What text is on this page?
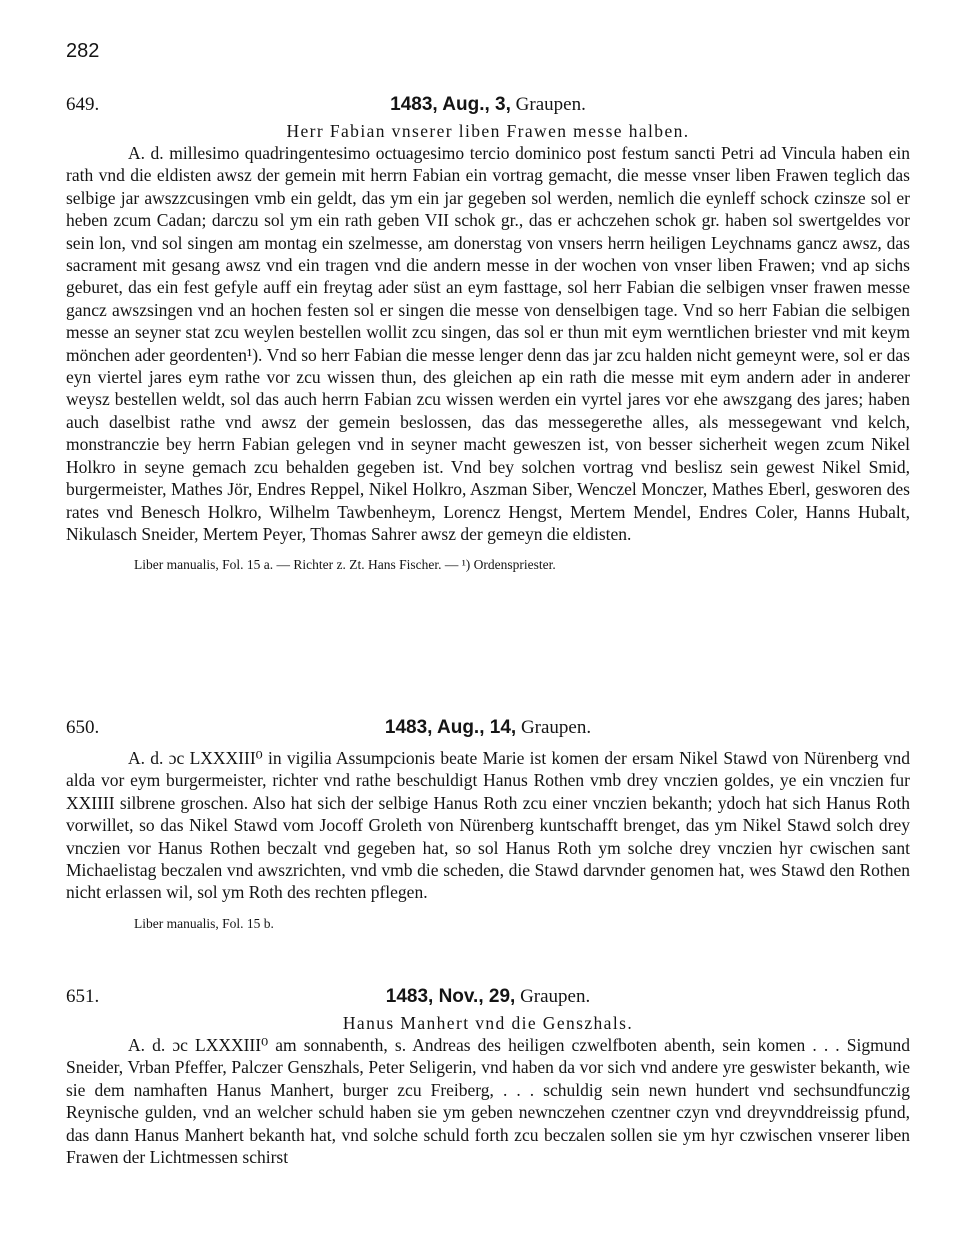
282
649.	1483, Aug., 3, Graupen.
Herr Fabian vnserer liben Frawen messe halben.

A. d. millesimo quadringentesimo octuagesimo tercio dominico post festum sancti Petri ad Vincula haben ein rath vnd die eldisten awsz der gemein mit herrn Fabian ein vortrag gemacht, die messe vnser liben Frawen teglich das selbige jar awszzcusingen vmb ein geldt, das ym ein jar gegeben sol werden, nemlich die eynleff schock czinsze sol er heben zcum Cadan; darczu sol ym ein rath geben VII schok gr., das er achczehen schok gr. haben sol swertgeldes vor sein lon, vnd sol singen am montag ein szelmesse, am donerstag von vnsers herrn heiligen Leychnams gancz awsz, das sacrament mit gesang awsz vnd ein tragen vnd die andern messe in der wochen von vnser liben Frawen; vnd ap sichs geburet, das ein fest gefyle auff ein freytag ader süst an eym fasttage, sol herr Fabian die selbigen vnser frawen messe gancz awszsingen vnd an hochen festen sol er singen die messe von denselbigen tage. Vnd so herr Fabian die selbigen messe an seyner stat zcu weylen bestellen wollit zcu singen, das sol er thun mit eym werntlichen briester vnd mit keym mönchen ader geordenten¹). Vnd so herr Fabian die messe lenger denn das jar zcu halden nicht gemeynt were, sol er das eyn viertel jares eym rathe vor zcu wissen thun, des gleichen ap ein rath die messe mit eym andern ader in anderer weysz bestellen weldt, sol das auch herrn Fabian zcu wissen werden ein vyrtel jares vor ehe awszgang des jares; haben auch daselbist rathe vnd awsz der gemein beslossen, das das messegerethe alles, als messegewant vnd kelch, monstranczie bey herrn Fabian gelegen vnd in seyner macht geweszen ist, von besser sicherheit wegen zcum Nikel Holkro in seyne gemach zcu behalden gegeben ist. Vnd bey solchen vortrag vnd beslisz sein gewest Nikel Smid, burgermeister, Mathes Jör, Endres Reppel, Nikel Holkro, Aszman Siber, Wenczel Monczer, Mathes Eberl, gesworen des rates vnd Benesch Holkro, Wilhelm Tawbenheym, Lorencz Hengst, Mertem Mendel, Endres Coler, Hanns Hubalt, Nikulasch Sneider, Mertem Peyer, Thomas Sahrer awsz der gemeyn die eldisten.

Liber manualis, Fol. 15 a. — Richter z. Zt. Hans Fischer. — ¹) Ordenspriester.
650.	1483, Aug., 14, Graupen.

A. d. ɔc LXXXIII⁰ in vigilia Assumpcionis beate Marie ist komen der ersam Nikel Stawd von Nürenberg vnd alda vor eym burgermeister, richter vnd rathe beschuldigt Hanus Rothen vmb drey vnczien goldes, ye ein vnczien fur XXIIII silbrene groschen. Also hat sich der selbige Hanus Roth zcu einer vnczien bekanth; ydoch hat sich Hanus Roth vorwillet, so das Nikel Stawd vom Jocoff Groleth von Nürenberg kuntschafft brenget, das ym Nikel Stawd solch drey vnczien vor Hanus Rothen beczalt vnd gegeben hat, so sol Hanus Roth ym solche drey vnczien hyr cwischen sant Michaelistag beczalen vnd awszrichten, vnd vmb die scheden, die Stawd darvnder genomen hat, wes Stawd den Rothen nicht erlassen wil, sol ym Roth des rechten pflegen.

Liber manualis, Fol. 15 b.
651.	1483, Nov., 29, Graupen.
Hanus Manhert vnd die Genszhals.

A. d. ɔc LXXXIII⁰ am sonnabenth, s. Andreas des heiligen czwelfboten abenth, sein komen . . . Sigmund Sneider, Vrban Pfeffer, Palczer Genszhals, Peter Seligerin, vnd haben da vor sich vnd andere yre geswister bekanth, wie sie dem namhaften Hanus Manhert, burger zcu Freiberg, . . . schuldig sein newn hundert vnd sechsundfunczig Reynische gulden, vnd an welcher schuld haben sie ym geben newnczehen czentner czyn vnd dreyvnddreissig pfund, das dann Hanus Manhert bekanth hat, vnd solche schuld forth zcu beczalen sollen sie ym hyr czwischen vnserer liben Frawen der Lichtmessen schirst
